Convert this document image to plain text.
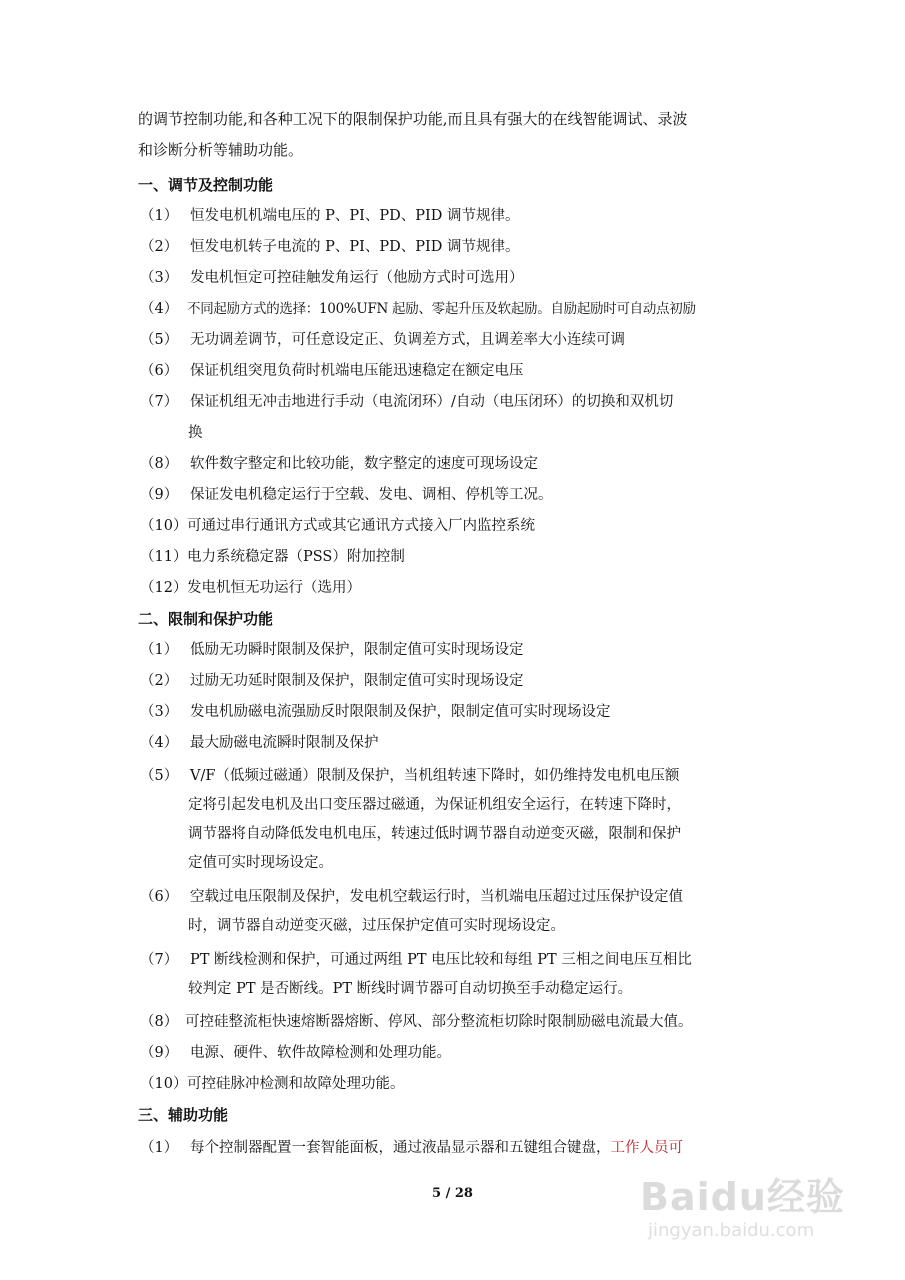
的调节控制功能,和各种工况下的限制保护功能,而且具有强大的在线智能调试、录波
和诊断分析等辅助功能。
一、调节及控制功能
（1） 恒发电机机端电压的 P、PI、PD、PID 调节规律。
（2） 恒发电机转子电流的 P、PI、PD、PID 调节规律。
（3） 发电机恒定可控硅触发角运行（他励方式时可选用）
（4） 不同起励方式的选择：100%UFN 起励、零起升压及软起励。自励起励时可自动点初励
（5） 无功调差调节，可任意设定正、负调差方式，且调差率大小连续可调
（6） 保证机组突甩负荷时机端电压能迅速稳定在额定电压
（7） 保证机组无冲击地进行手动（电流闭环）/自动（电压闭环）的切换和双机切
换
（8） 软件数字整定和比较功能，数字整定的速度可现场设定
（9） 保证发电机稳定运行于空载、发电、调相、停机等工况。
（10） 可通过串行通讯方式或其它通讯方式接入厂内监控系统
（11） 电力系统稳定器（PSS）附加控制
（12） 发电机恒无功运行（选用）
二、限制和保护功能
（1） 低励无功瞬时限制及保护，限制定值可实时现场设定
（2） 过励无功延时限制及保护，限制定值可实时现场设定
（3） 发电机励磁电流强励反时限限制及保护，限制定值可实时现场设定
（4） 最大励磁电流瞬时限制及保护
（5） V/F（低频过磁通）限制及保护，当机组转速下降时，如仍维持发电机电压额
定将引起发电机及出口变压器过磁通，为保证机组安全运行，在转速下降时，
调节器将自动降低发电机电压，转速过低时调节器自动逆变灭磁，限制和保护
定值可实时现场设定。
（6） 空载过电压限制及保护，发电机空载运行时，当机端电压超过过压保护设定值
时，调节器自动逆变灭磁，过压保护定值可实时现场设定。
（7） PT 断线检测和保护，可通过两组 PT 电压比较和每组 PT 三相之间电压互相比
较判定 PT 是否断线。PT 断线时调节器可自动切换至手动稳定运行。
（8） 可控硅整流柜快速熔断器熔断、停风、部分整流柜切除时限制励磁电流最大值。
（9） 电源、硬件、软件故障检测和处理功能。
（10） 可控硅脉冲检测和故障处理功能。
三、辅助功能
（1） 每个控制器配置一套智能面板，通过液晶显示器和五键组合键盘，工作人员可
5 / 28	Baidu经验
jingyan.baidu.com
